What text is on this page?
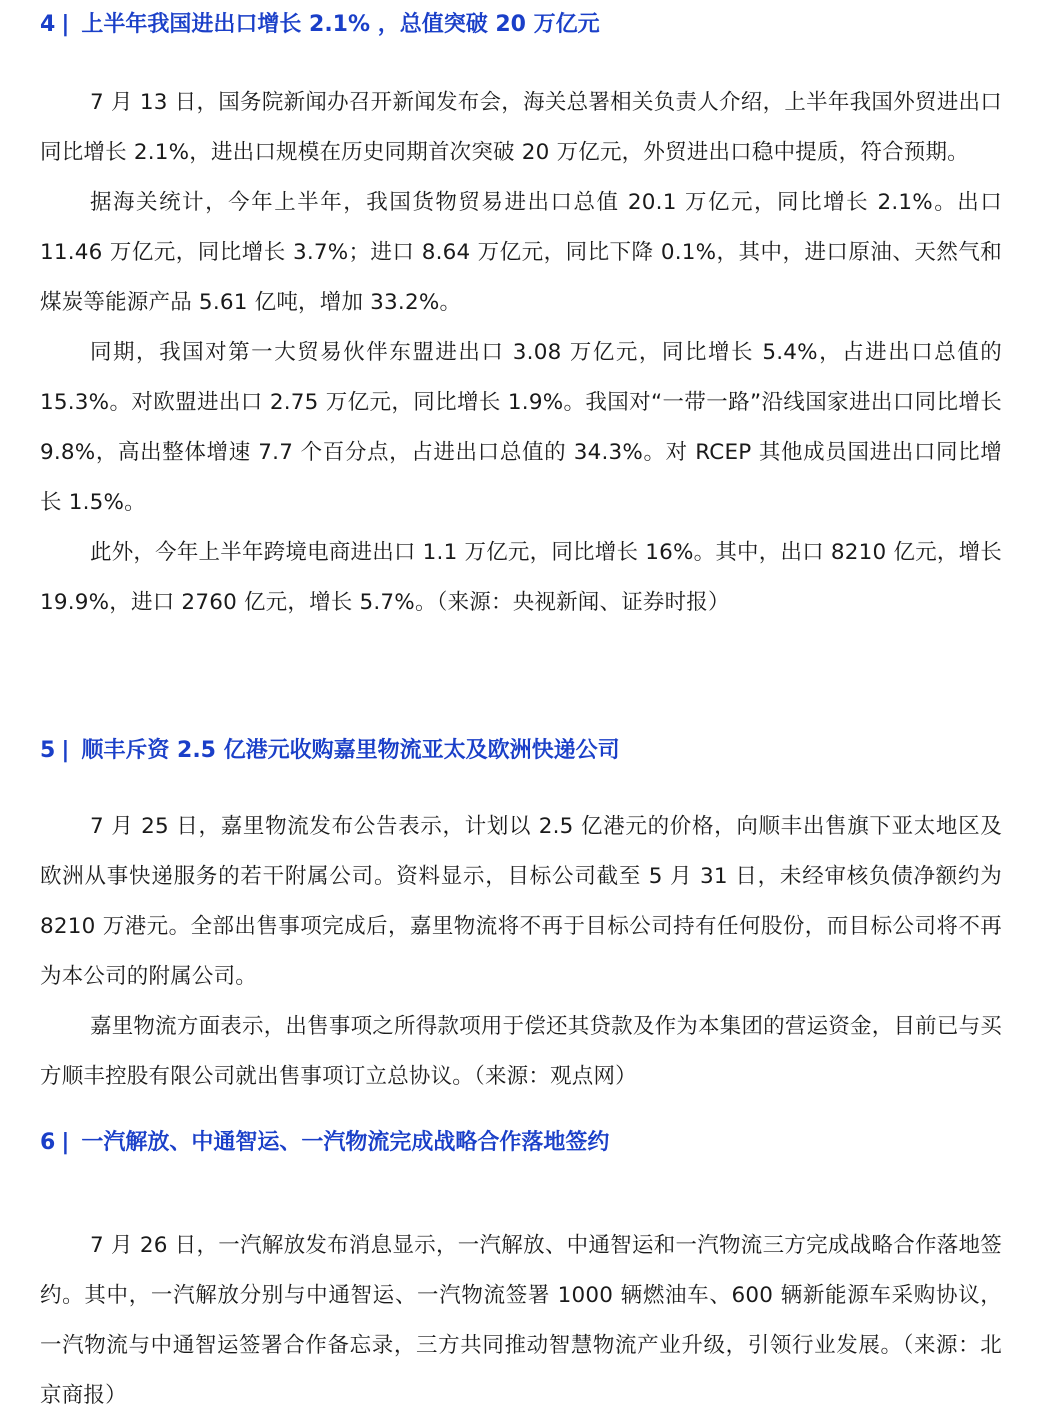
4 | 上半年我国进出口增长 2.1% ，总值突破 20 万亿元

7 月 13 日，国务院新闻办召开新闻发布会，海关总署相关负责人介绍，上半年我国外贸进出口同比增长 2.1%，进出口规模在历史同期首次突破 20 万亿元，外贸进出口稳中提质，符合预期。

据海关统计，今年上半年，我国货物贸易进出口总值 20.1 万亿元，同比增长 2.1%。出口 11.46 万亿元，同比增长 3.7%；进口 8.64 万亿元，同比下降 0.1%，其中，进口原油、天然气和煤炭等能源产品 5.61 亿吨，增加 33.2%。

同期，我国对第一大贸易伙伴东盟进出口 3.08 万亿元，同比增长 5.4%，占进出口总值的 15.3%。对欧盟进出口 2.75 万亿元，同比增长 1.9%。我国对“一带一路”沿线国家进出口同比增长 9.8%，高出整体增速 7.7 个百分点，占进出口总值的 34.3%。对 RCEP 其他成员国进出口同比增长 1.5%。

此外，今年上半年跨境电商进出口 1.1 万亿元，同比增长 16%。其中，出口 8210 亿元，增长 19.9%，进口 2760 亿元，增长 5.7%。（来源：央视新闻、证券时报）

5 | 顺丰斥资 2.5 亿港元收购嘉里物流亚太及欧洲快递公司

7 月 25 日，嘉里物流发布公告表示，计划以 2.5 亿港元的价格，向顺丰出售旗下亚太地区及欧洲从事快递服务的若干附属公司。资料显示，目标公司截至 5 月 31 日，未经审核负债净额约为 8210 万港元。全部出售事项完成后，嘉里物流将不再于目标公司持有任何股份，而目标公司将不再为本公司的附属公司。

嘉里物流方面表示，出售事项之所得款项用于偿还其贷款及作为本集团的营运资金，目前已与买方顺丰控股有限公司就出售事项订立总协议。（来源：观点网）

6 | 一汽解放、中通智运、一汽物流完成战略合作落地签约

7 月 26 日，一汽解放发布消息显示，一汽解放、中通智运和一汽物流三方完成战略合作落地签约。其中，一汽解放分别与中通智运、一汽物流签署 1000 辆燃油车、600 辆新能源车采购协议，一汽物流与中通智运签署合作备忘录，三方共同推动智慧物流产业升级，引领行业发展。（来源：北京商报）
